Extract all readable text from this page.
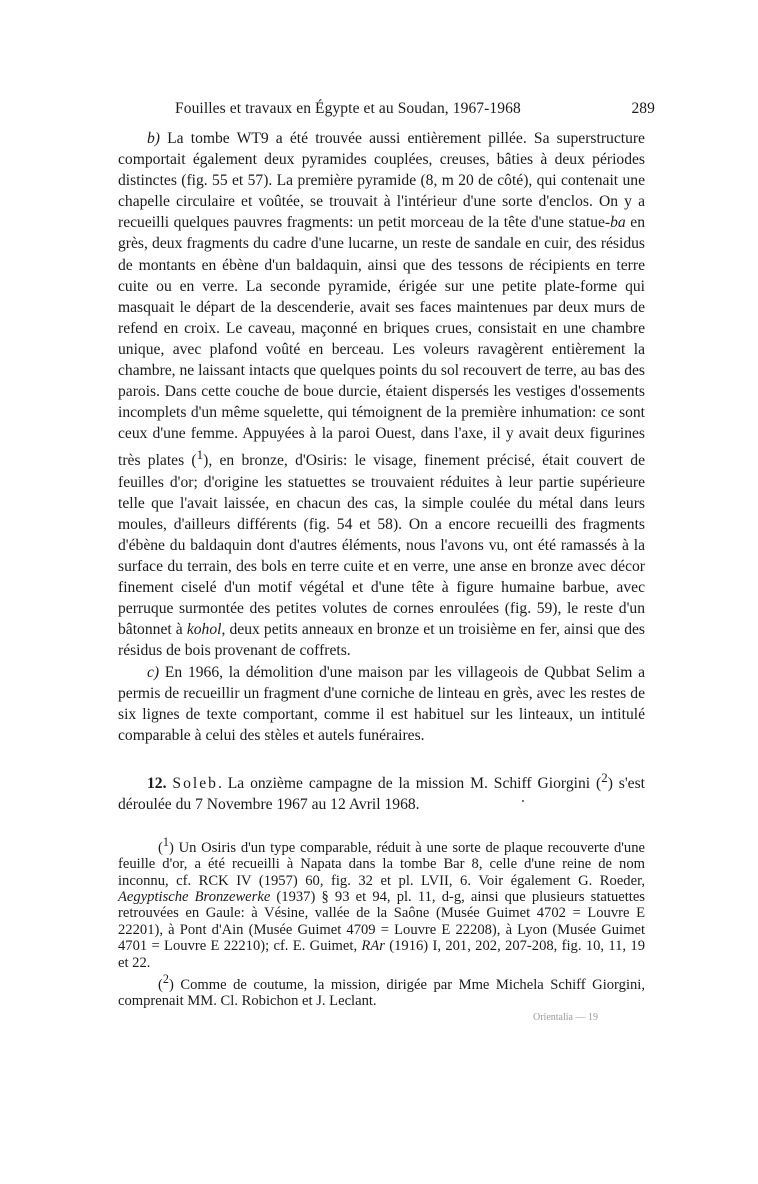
Fouilles et travaux en Égypte et au Soudan, 1967-1968	289

b) La tombe WT9 a été trouvée aussi entièrement pillée. Sa superstructure comportait également deux pyramides couplées, creuses, bâties à deux périodes distinctes (fig. 55 et 57). La première pyramide (8, m 20 de côté), qui contenait une chapelle circulaire et voûtée, se trouvait à l'intérieur d'une sorte d'enclos. On y a recueilli quelques pauvres fragments: un petit morceau de la tête d'une statue-ba en grès, deux fragments du cadre d'une lucarne, un reste de sandale en cuir, des résidus de montants en ébène d'un baldaquin, ainsi que des tessons de récipients en terre cuite ou en verre. La seconde pyramide, érigée sur une petite plate-forme qui masquait le départ de la descenderie, avait ses faces maintenues par deux murs de refend en croix. Le caveau, maçonné en briques crues, consistait en une chambre unique, avec plafond voûté en berceau. Les voleurs ravagèrent entièrement la chambre, ne laissant intacts que quelques points du sol recouvert de terre, au bas des parois. Dans cette couche de boue durcie, étaient dispersés les vestiges d'ossements incomplets d'un même squelette, qui témoignent de la première inhumation: ce sont ceux d'une femme. Appuyées à la paroi Ouest, dans l'axe, il y avait deux figurines très plates ($^1$), en bronze, d'Osiris: le visage, finement précisé, était couvert de feuilles d'or; d'origine les statuettes se trouvaient réduites à leur partie supérieure telle que l'avait laissée, en chacun des cas, la simple coulée du métal dans leurs moules, d'ailleurs différents (fig. 54 et 58). On a encore recueilli des fragments d'ébène du baldaquin dont d'autres éléments, nous l'avons vu, ont été ramassés à la surface du terrain, des bols en terre cuite et en verre, une anse en bronze avec décor finement ciselé d'un motif végétal et d'une tête à figure humaine barbue, avec perruque surmontée des petites volutes de cornes enroulées (fig. 59), le reste d'un bâtonnet à kohol, deux petits anneaux en bronze et un troisième en fer, ainsi que des résidus de bois provenant de coffrets.

c) En 1966, la démolition d'une maison par les villageois de Qubbat Selim a permis de recueillir un fragment d'une corniche de linteau en grès, avec les restes de six lignes de texte comportant, comme il est habituel sur les linteaux, un intitulé comparable à celui des stèles et autels funéraires.

12. Soleb. La onzième campagne de la mission M. Schiff Giorgini ($^2$) s'est déroulée du 7 Novembre 1967 au 12 Avril 1968.

($^1$) Un Osiris d'un type comparable, réduit à une sorte de plaque recouverte d'une feuille d'or, a été recueilli à Napata dans la tombe Bar 8, celle d'une reine de nom inconnu, cf. RCK IV (1957) 60, fig. 32 et pl. LVII, 6. Voir également G. Roeder, Aegyptische Bronzewerke (1937) § 93 et 94, pl. 11, d-g, ainsi que plusieurs statuettes retrouvées en Gaule: à Vésine, vallée de la Saône (Musée Guimet 4702 = Louvre E 22201), à Pont d'Ain (Musée Guimet 4709 = Louvre E 22208), à Lyon (Musée Guimet 4701 = Louvre E 22210); cf. E. Guimet, RAr (1916) I, 201, 202, 207-208, fig. 10, 11, 19 et 22.

($^2$) Comme de coutume, la mission, dirigée par Mme Michela Schiff Giorgini, comprenait MM. Cl. Robichon et J. Leclant.

Orientalia — 19
